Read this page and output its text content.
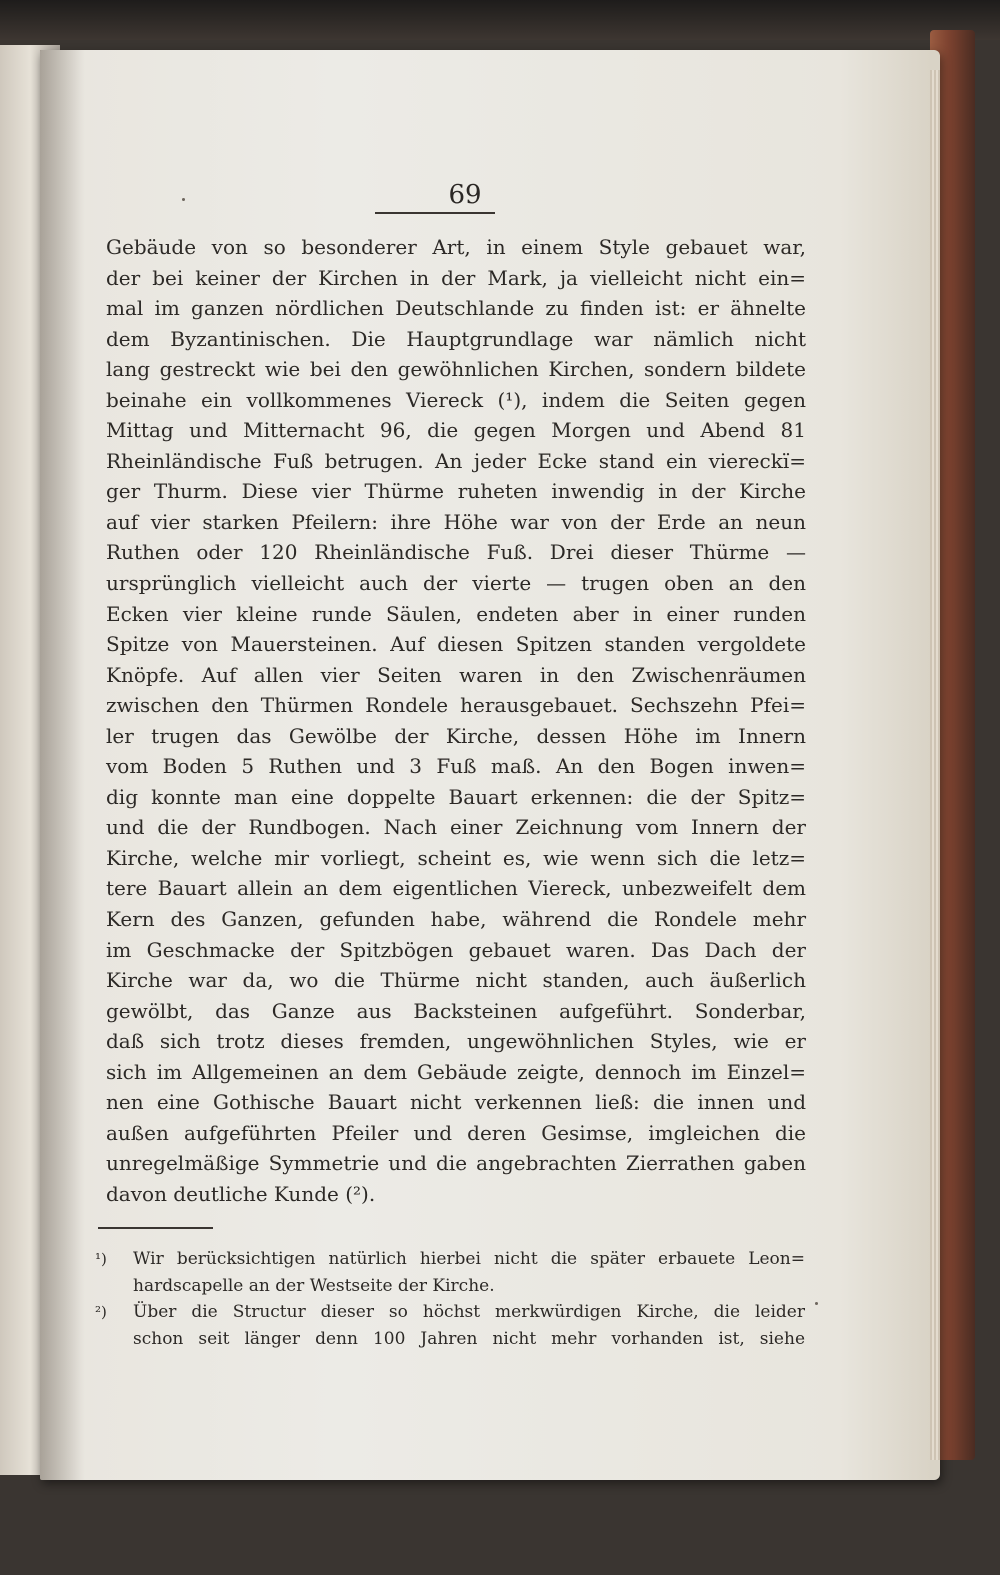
69
Gebäude von so besonderer Art, in einem Style gebauet war,
der bei keiner der Kirchen in der Mark, ja vielleicht nicht ein=
mal im ganzen nördlichen Deutschlande zu finden ist: er ähnelte
dem Byzantinischen. Die Hauptgrundlage war nämlich nicht
lang gestreckt wie bei den gewöhnlichen Kirchen, sondern bildete
beinahe ein vollkommenes Viereck (¹), indem die Seiten gegen
Mittag und Mitternacht 96, die gegen Morgen und Abend 81
Rheinländische Fuß betrugen. An jeder Ecke stand ein viereckï=
ger Thurm. Diese vier Thürme ruheten inwendig in der Kirche
auf vier starken Pfeilern: ihre Höhe war von der Erde an neun
Ruthen oder 120 Rheinländische Fuß. Drei dieser Thürme —
ursprünglich vielleicht auch der vierte — trugen oben an den
Ecken vier kleine runde Säulen, endeten aber in einer runden
Spitze von Mauersteinen. Auf diesen Spitzen standen vergoldete
Knöpfe. Auf allen vier Seiten waren in den Zwischenräumen
zwischen den Thürmen Rondele herausgebauet. Sechszehn Pfei=
ler trugen das Gewölbe der Kirche, dessen Höhe im Innern
vom Boden 5 Ruthen und 3 Fuß maß. An den Bogen inwen=
dig konnte man eine doppelte Bauart erkennen: die der Spitz=
und die der Rundbogen. Nach einer Zeichnung vom Innern der
Kirche, welche mir vorliegt, scheint es, wie wenn sich die letz=
tere Bauart allein an dem eigentlichen Viereck, unbezweifelt dem
Kern des Ganzen, gefunden habe, während die Rondele mehr
im Geschmacke der Spitzbögen gebauet waren. Das Dach der
Kirche war da, wo die Thürme nicht standen, auch äußerlich
gewölbt, das Ganze aus Backsteinen aufgeführt. Sonderbar,
daß sich trotz dieses fremden, ungewöhnlichen Styles, wie er
sich im Allgemeinen an dem Gebäude zeigte, dennoch im Einzel=
nen eine Gothische Bauart nicht verkennen ließ: die innen und
außen aufgeführten Pfeiler und deren Gesimse, imgleichen die
unregelmäßige Symmetrie und die angebrachten Zierrathen gaben
davon deutliche Kunde (²).
¹) Wir berücksichtigen natürlich hierbei nicht die später erbauete Leon=
hardscapelle an der Westseite der Kirche.
²) Über die Structur dieser so höchst merkwürdigen Kirche, die leider
schon seit länger denn 100 Jahren nicht mehr vorhanden ist, siehe
